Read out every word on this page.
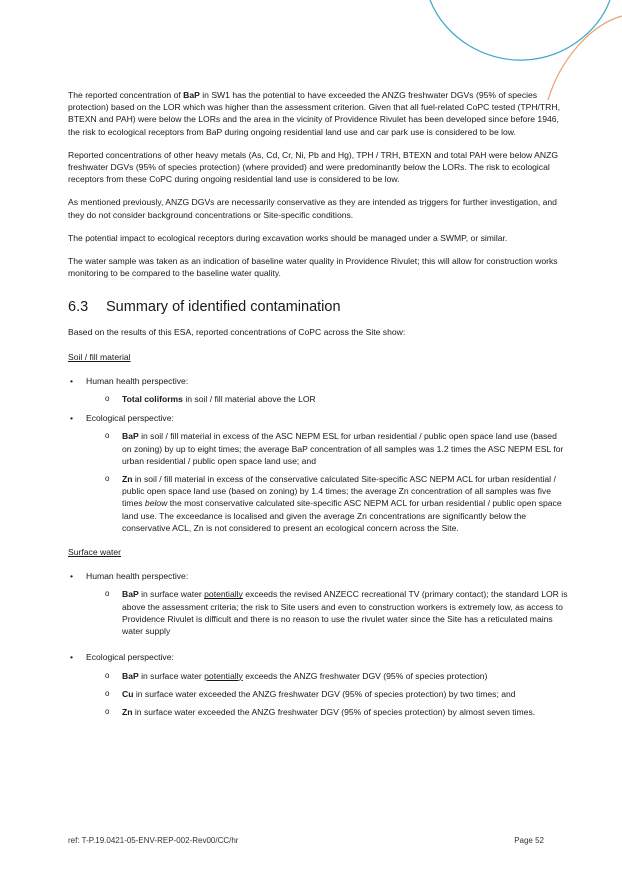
The reported concentration of BaP in SW1 has the potential to have exceeded the ANZG freshwater DGVs (95% of species protection) based on the LOR which was higher than the assessment criterion. Given that all fuel-related CoPC tested (TPH/TRH, BTEXN and PAH) were below the LORs and the area in the vicinity of Providence Rivulet has been developed since before 1946, the risk to ecological receptors from BaP during ongoing residential land use and car park use is considered to be low.

Reported concentrations of other heavy metals (As, Cd, Cr, Ni, Pb and Hg), TPH / TRH, BTEXN and total PAH were below ANZG freshwater DGVs (95% of species protection) (where provided) and were predominantly below the LORs. The risk to ecological receptors from these CoPC during ongoing residential land use is considered to be low.

As mentioned previously, ANZG DGVs are necessarily conservative as they are intended as triggers for further investigation, and they do not consider background concentrations or Site-specific conditions.

The potential impact to ecological receptors during excavation works should be managed under a SWMP, or similar.

The water sample was taken as an indication of baseline water quality in Providence Rivulet; this will allow for construction works monitoring to be compared to the baseline water quality.

6.3 Summary of identified contamination

Based on the results of this ESA, reported concentrations of CoPC across the Site show:

Soil / fill material
• Human health perspective:
o Total coliforms in soil / fill material above the LOR
• Ecological perspective:
o BaP in soil / fill material in excess of the ASC NEPM ESL for urban residential / public open space land use (based on zoning) by up to eight times; the average BaP concentration of all samples was 1.2 times the ASC NEPM ESL for urban residential / public open space land use; and
o Zn in soil / fill material in excess of the conservative calculated Site-specific ASC NEPM ACL for urban residential / public open space land use (based on zoning) by 1.4 times; the average Zn concentration of all samples was five times below the most conservative calculated site-specific ASC NEPM ACL for urban residential / public open space land use. The exceedance is localised and given the average Zn concentrations are significantly below the conservative ACL, Zn is not considered to present an ecological concern across the Site.
Surface water
• Human health perspective:
o BaP in surface water potentially exceeds the revised ANZECC recreational TV (primary contact); the standard LOR is above the assessment criteria; the risk to Site users and even to construction workers is extremely low, as access to Providence Rivulet is difficult and there is no reason to use the rivulet water since the Site has a reticulated mains water supply
• Ecological perspective:
o BaP in surface water potentially exceeds the ANZG freshwater DGV (95% of species protection)
o Cu in surface water exceeded the ANZG freshwater DGV (95% of species protection) by two times; and
o Zn in surface water exceeded the ANZG freshwater DGV (95% of species protection) by almost seven times.
ref: T-P.19.0421-05-ENV-REP-002-Rev00/CC/hr	Page 52
